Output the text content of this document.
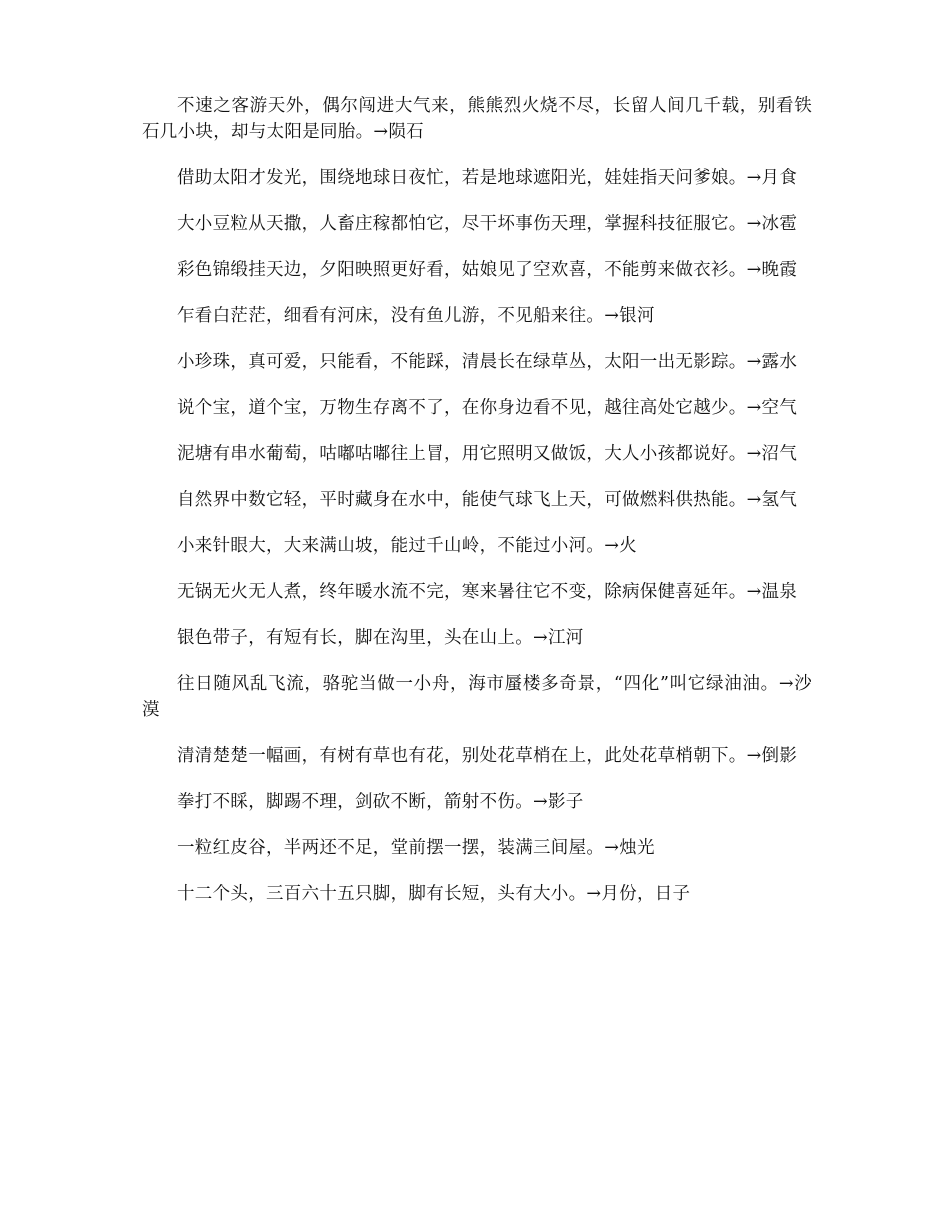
不速之客游天外，偶尔闯进大气来，熊熊烈火烧不尽，长留人间几千载，别看铁石几小块，却与太阳是同胎。→陨石

借助太阳才发光，围绕地球日夜忙，若是地球遮阳光，娃娃指天问爹娘。→月食

大小豆粒从天撒，人畜庄稼都怕它，尽干坏事伤天理，掌握科技征服它。→冰雹

彩色锦缎挂天边，夕阳映照更好看，姑娘见了空欢喜，不能剪来做衣衫。→晚霞

乍看白茫茫，细看有河床，没有鱼儿游，不见船来往。→银河

小珍珠，真可爱，只能看，不能踩，清晨长在绿草丛，太阳一出无影踪。→露水

说个宝，道个宝，万物生存离不了，在你身边看不见，越往高处它越少。→空气

泥塘有串水葡萄，咕嘟咕嘟往上冒，用它照明又做饭，大人小孩都说好。→沼气

自然界中数它轻，平时藏身在水中，能使气球飞上天，可做燃料供热能。→氢气

小来针眼大，大来满山坡，能过千山岭，不能过小河。→火

无锅无火无人煮，终年暖水流不完，寒来暑往它不变，除病保健喜延年。→温泉

银色带子，有短有长，脚在沟里，头在山上。→江河

往日随风乱飞流，骆驼当做一小舟，海市蜃楼多奇景，“四化”叫它绿油油。→沙漠

清清楚楚一幅画，有树有草也有花，别处花草梢在上，此处花草梢朝下。→倒影

拳打不睬，脚踢不理，剑砍不断，箭射不伤。→影子

一粒红皮谷，半两还不足，堂前摆一摆，装满三间屋。→烛光

十二个头，三百六十五只脚，脚有长短，头有大小。→月份，日子
